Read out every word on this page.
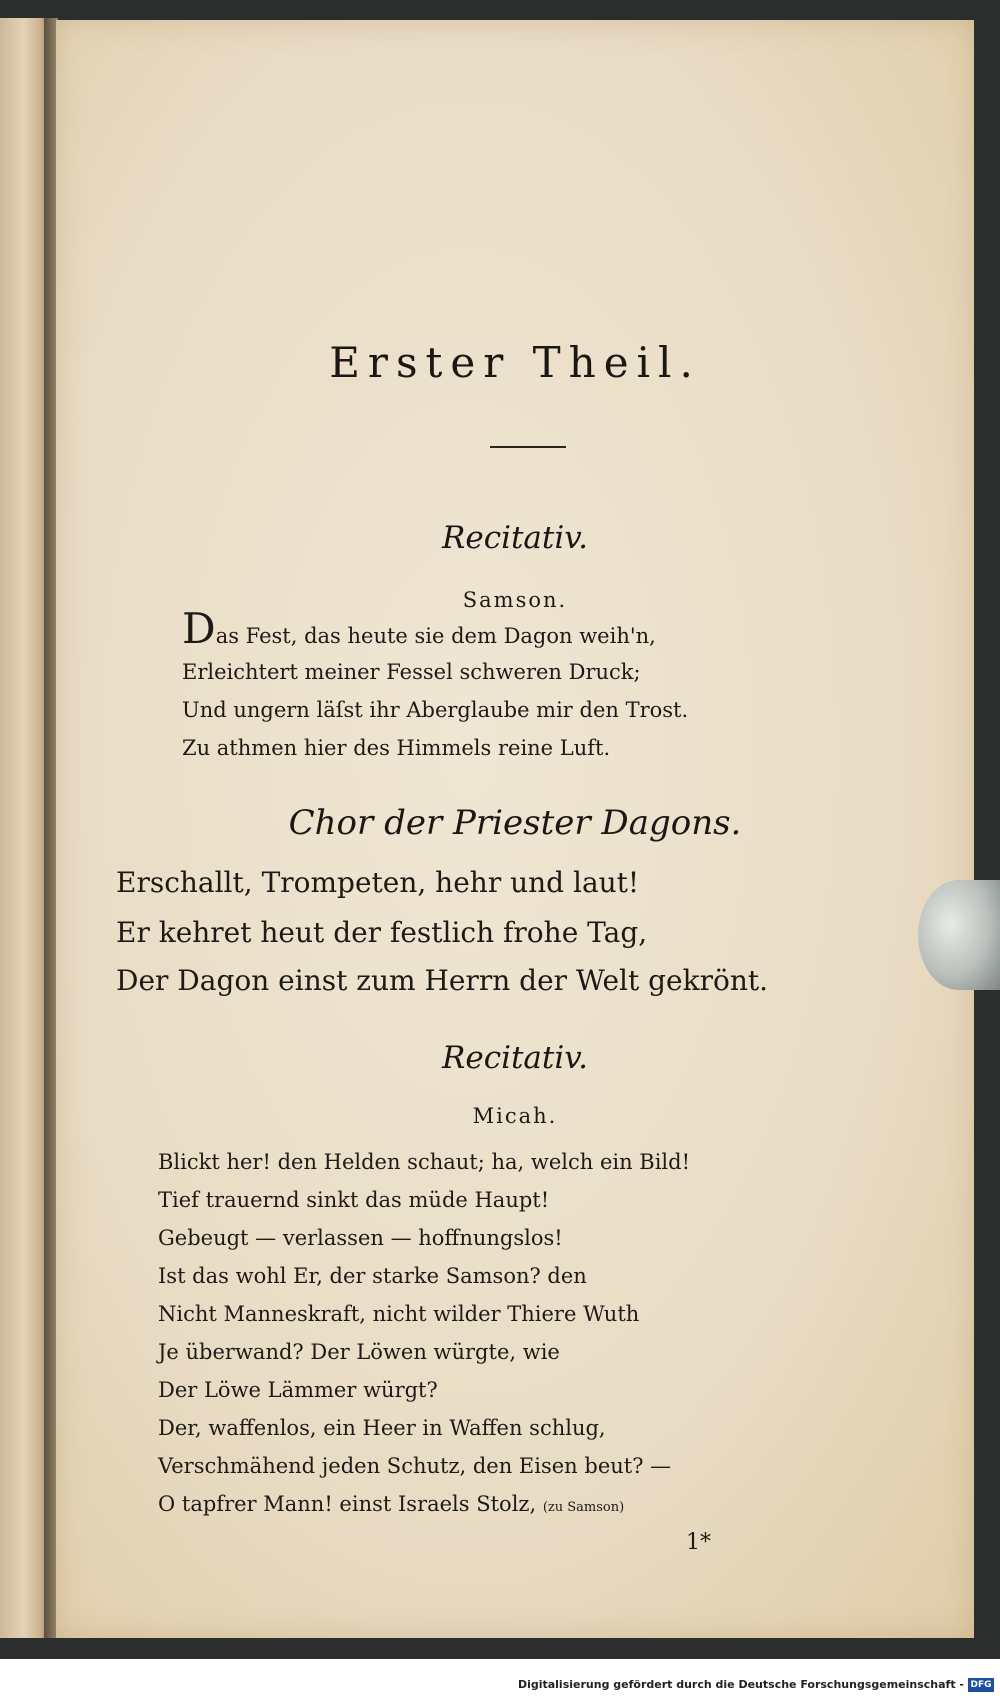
Erster Theil.
Recitativ.
Samson.
Das Fest, das heute sie dem Dagon weih'n,
Erleichtert meiner Fessel schweren Druck;
Und ungern läſst ihr Aberglaube mir den Trost.
Zu athmen hier des Himmels reine Luft.
Chor der Priester Dagons.
Erschallt, Trompeten, hehr und laut!
Er kehret heut der festlich frohe Tag,
Der Dagon einst zum Herrn der Welt gekrönt.
Recitativ.
Micah.
Blickt her! den Helden schaut; ha, welch ein Bild!
Tief trauernd sinkt das müde Haupt!
Gebeugt — verlassen — hoffnungslos!
Ist das wohl Er, der starke Samson? den
Nicht Manneskraft, nicht wilder Thiere Wuth
Je überwand? Der Löwen würgte, wie
Der Löwe Lämmer würgt?
Der, waffenlos, ein Heer in Waffen schlug,
Verschmähend jeden Schutz, den Eisen beut? —
O tapfrer Mann! einst Israels Stolz, (zu Samson)
1*
Digitalisierung gefördert durch die Deutsche Forschungsgemeinschaft - DFG
